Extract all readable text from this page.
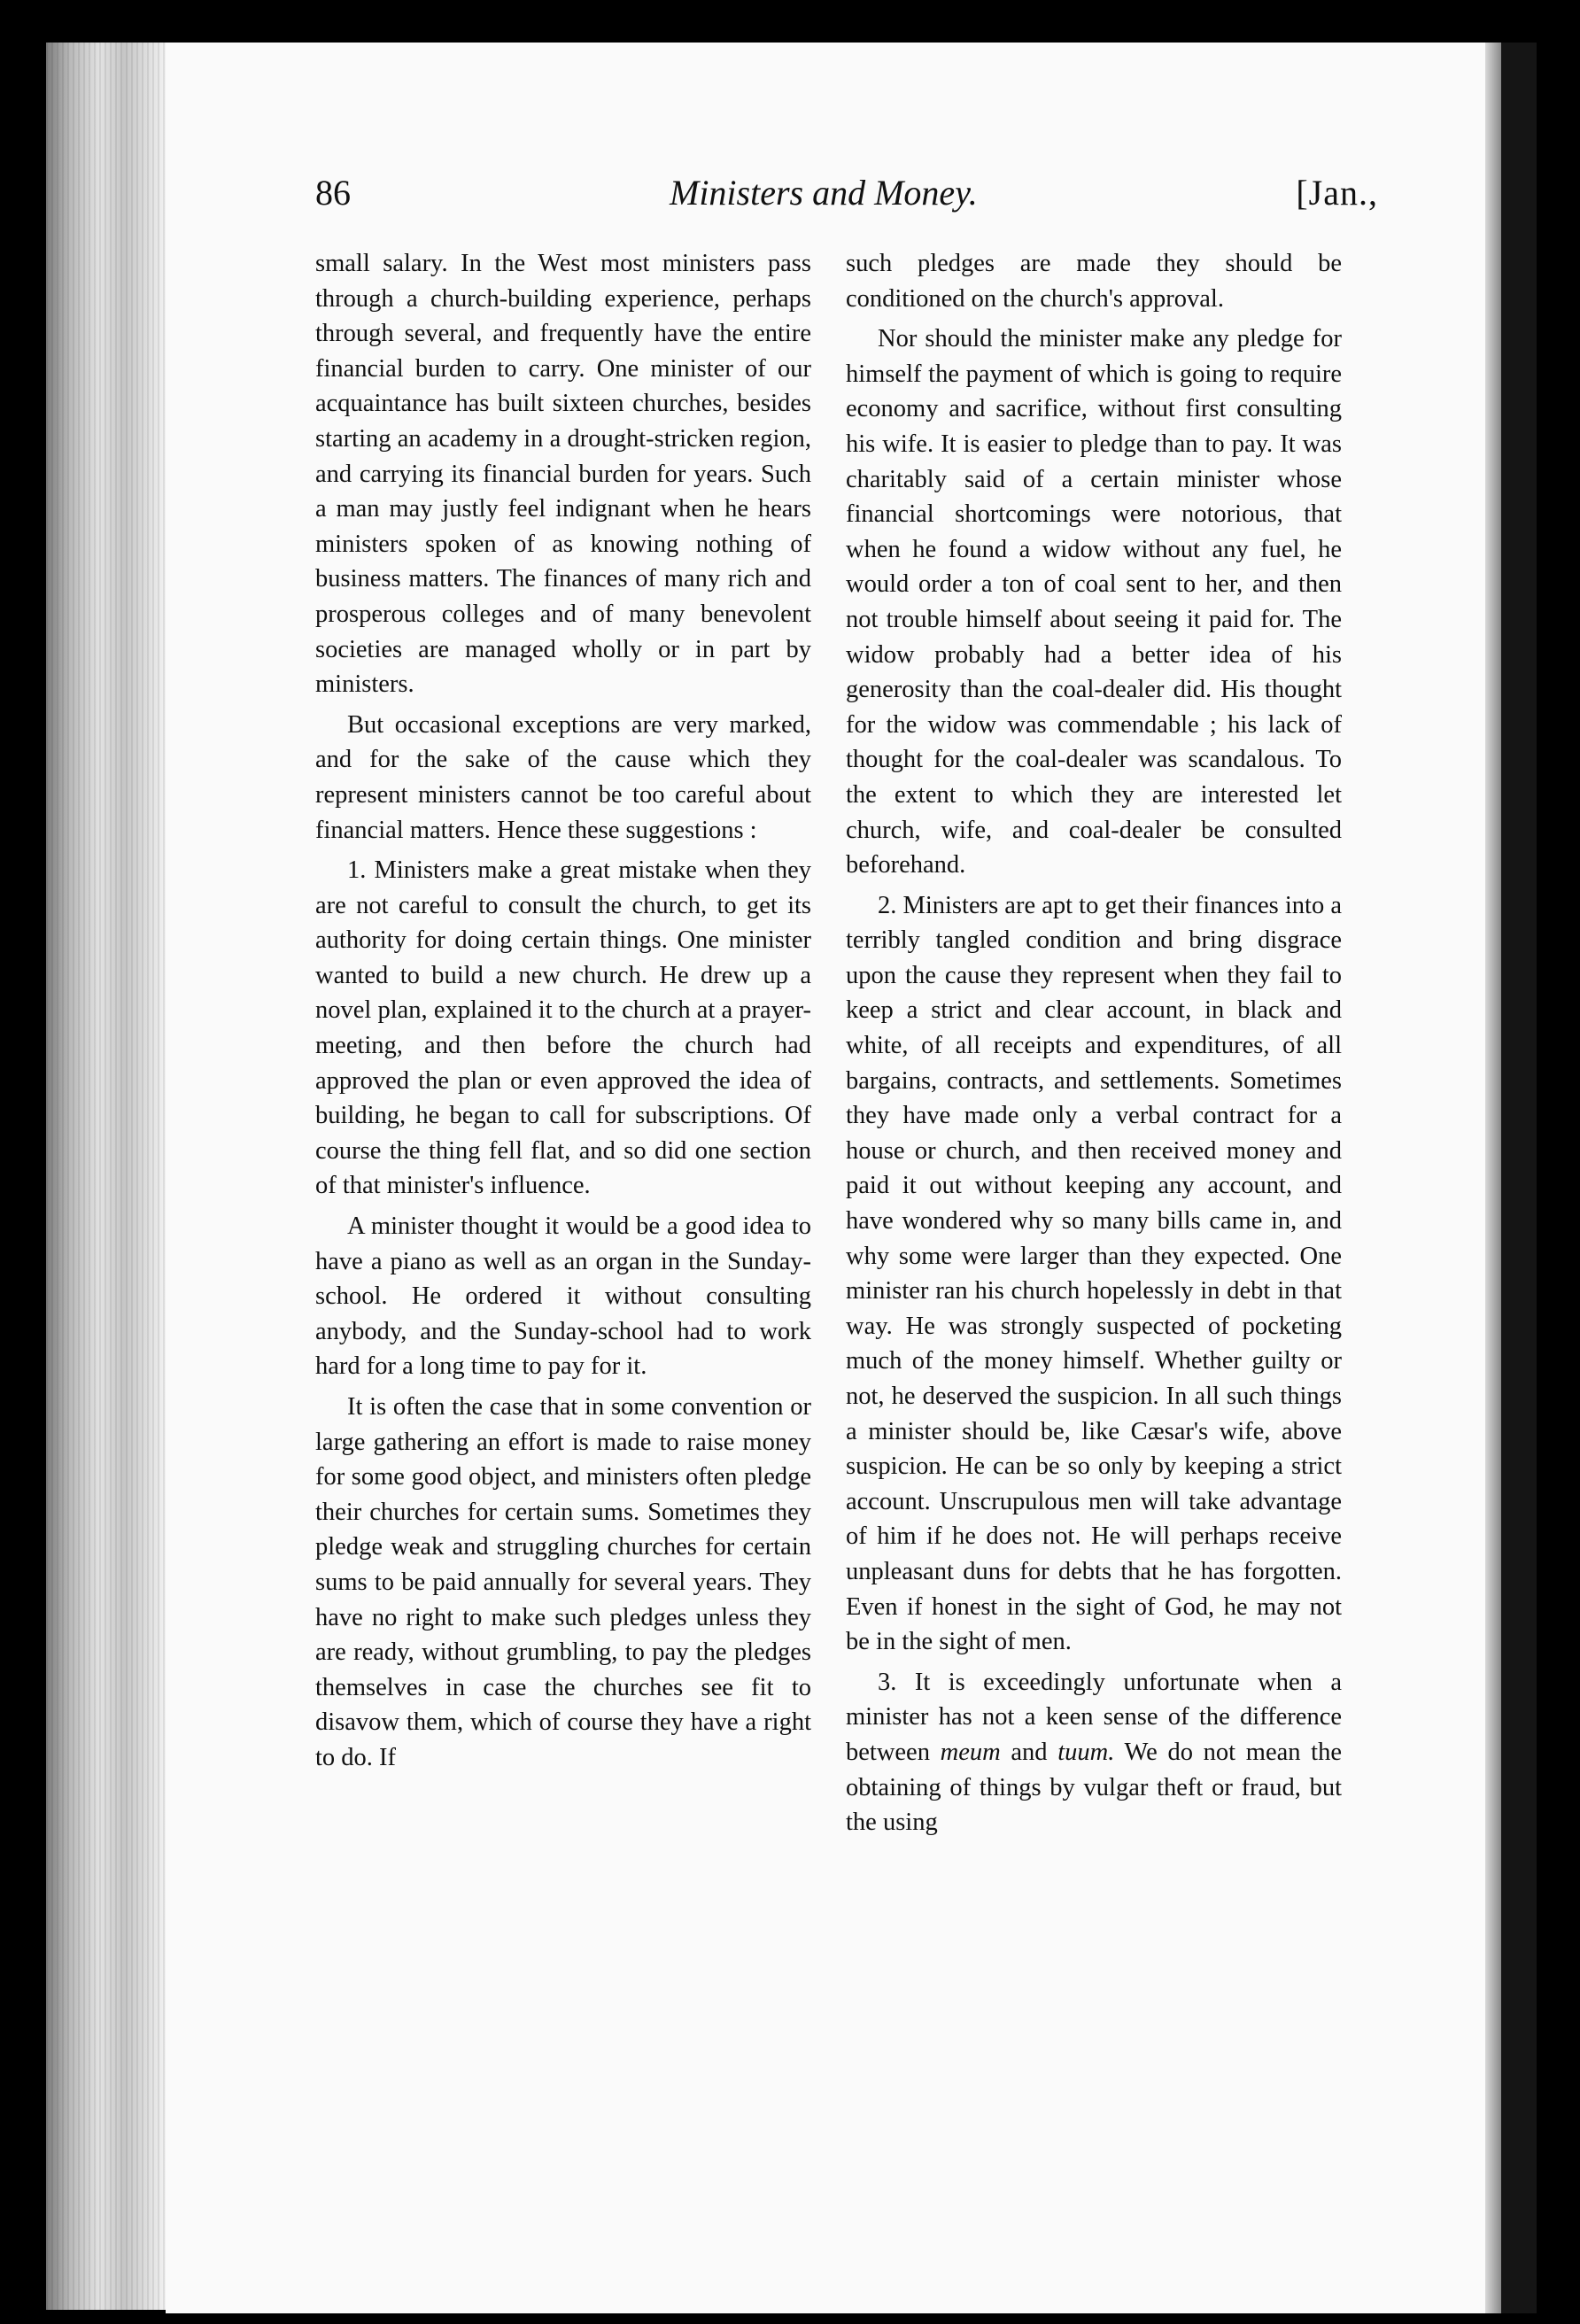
86	Ministers and Money.	[Jan.,

small salary. In the West most ministers pass through a church-building experience, perhaps through several, and frequently have the entire financial burden to carry. One minister of our acquaintance has built sixteen churches, besides starting an academy in a drought-stricken region, and carrying its financial burden for years. Such a man may justly feel indignant when he hears ministers spoken of as knowing nothing of business matters. The finances of many rich and prosperous colleges and of many benevolent societies are managed wholly or in part by ministers.

But occasional exceptions are very marked, and for the sake of the cause which they represent ministers cannot be too careful about financial matters. Hence these suggestions :

1. Ministers make a great mistake when they are not careful to consult the church, to get its authority for doing certain things. One minister wanted to build a new church. He drew up a novel plan, explained it to the church at a prayer-meeting, and then before the church had approved the plan or even approved the idea of building, he began to call for subscriptions. Of course the thing fell flat, and so did one section of that minister's influence.

A minister thought it would be a good idea to have a piano as well as an organ in the Sunday-school. He ordered it without consulting anybody, and the Sunday-school had to work hard for a long time to pay for it.

It is often the case that in some convention or large gathering an effort is made to raise money for some good object, and ministers often pledge their churches for certain sums. Sometimes they pledge weak and struggling churches for certain sums to be paid annually for several years. They have no right to make such pledges unless they are ready, without grumbling, to pay the pledges themselves in case the churches see fit to disavow them, which of course they have a right to do. If

such pledges are made they should be conditioned on the church's approval.

Nor should the minister make any pledge for himself the payment of which is going to require economy and sacrifice, without first consulting his wife. It is easier to pledge than to pay. It was charitably said of a certain minister whose financial shortcomings were notorious, that when he found a widow without any fuel, he would order a ton of coal sent to her, and then not trouble himself about seeing it paid for. The widow probably had a better idea of his generosity than the coal-dealer did. His thought for the widow was commendable ; his lack of thought for the coal-dealer was scandalous. To the extent to which they are interested let church, wife, and coal-dealer be consulted beforehand.

2. Ministers are apt to get their finances into a terribly tangled condition and bring disgrace upon the cause they represent when they fail to keep a strict and clear account, in black and white, of all receipts and expenditures, of all bargains, contracts, and settlements. Sometimes they have made only a verbal contract for a house or church, and then received money and paid it out without keeping any account, and have wondered why so many bills came in, and why some were larger than they expected. One minister ran his church hopelessly in debt in that way. He was strongly suspected of pocketing much of the money himself. Whether guilty or not, he deserved the suspicion. In all such things a minister should be, like Cæsar's wife, above suspicion. He can be so only by keeping a strict account. Unscrupulous men will take advantage of him if he does not. He will perhaps receive unpleasant duns for debts that he has forgotten. Even if honest in the sight of God, he may not be in the sight of men.

3. It is exceedingly unfortunate when a minister has not a keen sense of the difference between meum and tuum. We do not mean the obtaining of things by vulgar theft or fraud, but the using
